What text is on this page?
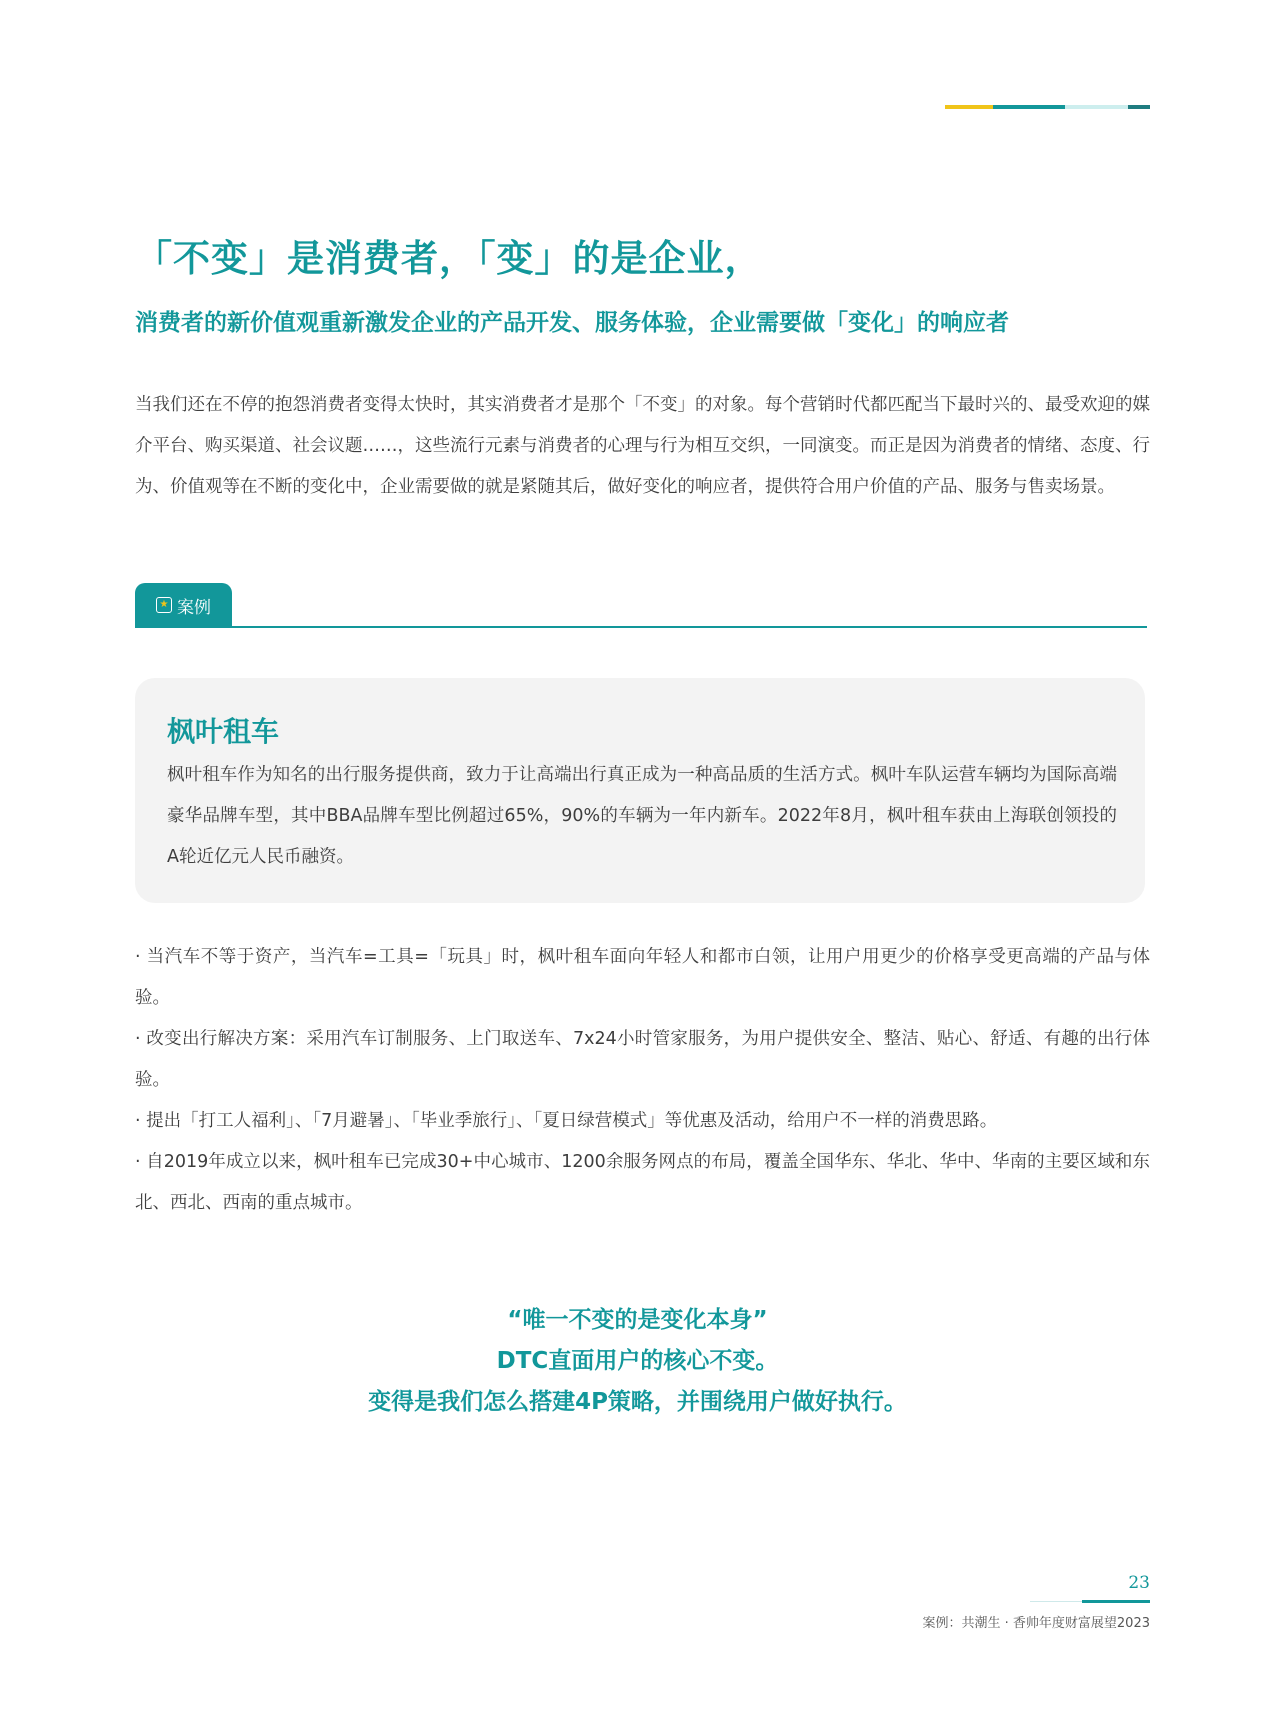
「不变」是消费者，「变」的是企业，
消费者的新价值观重新激发企业的产品开发、服务体验，企业需要做「变化」的响应者

当我们还在不停的抱怨消费者变得太快时，其实消费者才是那个「不变」的对象。每个营销时代都匹配当下最时兴的、最受欢迎的媒介平台、购买渠道、社会议题……，这些流行元素与消费者的心理与行为相互交织，一同演变。而正是因为消费者的情绪、态度、行为、价值观等在不断的变化中，企业需要做的就是紧随其后，做好变化的响应者，提供符合用户价值的产品、服务与售卖场景。

★ 案例
枫叶租车

枫叶租车作为知名的出行服务提供商，致力于让高端出行真正成为一种高品质的生活方式。枫叶车队运营车辆均为国际高端豪华品牌车型，其中BBA品牌车型比例超过65%，90%的车辆为一年内新车。2022年8月，枫叶租车获由上海联创领投的A轮近亿元人民币融资。

· 当汽车不等于资产，当汽车=工具=「玩具」时，枫叶租车面向年轻人和都市白领，让用户用更少的价格享受更高端的产品与体验。
· 改变出行解决方案：采用汽车订制服务、上门取送车、7x24小时管家服务，为用户提供安全、整洁、贴心、舒适、有趣的出行体验。
· 提出「打工人福利」、「7月避暑」、「毕业季旅行」、「夏日绿营模式」等优惠及活动，给用户不一样的消费思路。
· 自2019年成立以来，枫叶租车已完成30+中心城市、1200余服务网点的布局，覆盖全国华东、华北、华中、华南的主要区域和东北、西北、西南的重点城市。
“唯一不变的是变化本身”
DTC直面用户的核心不变。
变得是我们怎么搭建4P策略，并围绕用户做好执行。
23
案例：共潮生 · 香帅年度财富展望2023
